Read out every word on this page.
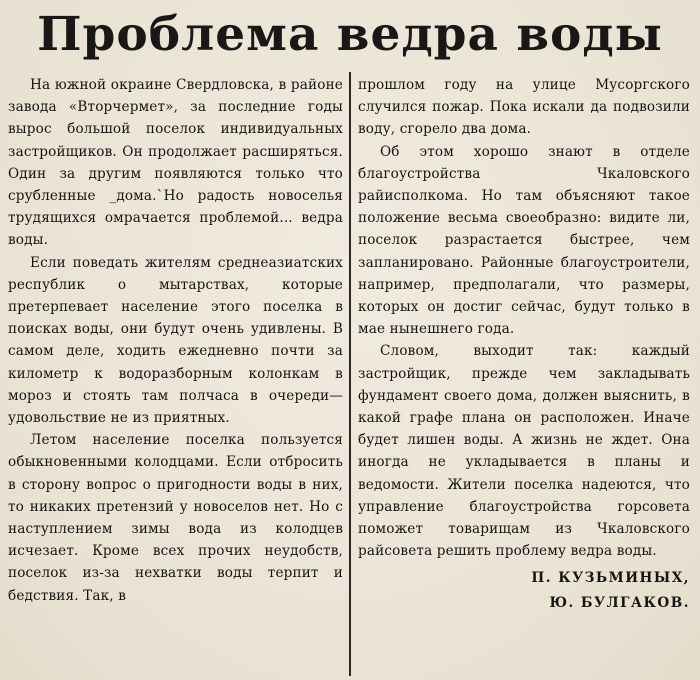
Проблема ведра воды

На южной окраине Свердловска, в районе завода «Вторчермет», за последние годы вырос большой поселок индивидуальных застройщиков. Он продолжает расширяться. Один за другим появляются только что срубленные _дома.`Но радость новоселья трудящихся омрачается проблемой... ведра воды.

Если поведать жителям среднеазиатских республик о мытарствах, которые претерпевает население этого поселка в поисках воды, они будут очень удивлены. В самом деле, ходить ежедневно почти за километр к водоразборным колонкам в мороз и стоять там полчаса в очереди—удовольствие не из приятных.

Летом население поселка пользуется обыкновенными колодцами. Если отбросить в сторону вопрос о пригодности воды в них, то никаких претензий у новоселов нет. Но с наступлением зимы вода из колодцев исчезает. Кроме всех прочих неудобств, поселок из-за нехватки воды терпит и бедствия. Так, в

прошлом году на улице Мусоргского случился пожар. Пока искали да подвозили воду, сгорело два дома.

Об этом хорошо знают в отделе благоустройства Чкаловского райисполкома. Но там объясняют такое положение весьма своеобразно: видите ли, поселок разрастается быстрее, чем запланировано. Районные благоустроители, например, предполагали, что размеры, которых он достиг сейчас, будут только в мае нынешнего года.

Словом, выходит так: каждый застройщик, прежде чем закладывать фундамент своего дома, должен выяснить, в какой графе плана он расположен. Иначе будет лишен воды. А жизнь не ждет. Она иногда не укладывается в планы и ведомости. Жители поселка надеются, что управление благоустройства горсовета поможет товарищам из Чкаловского райсовета решить проблему ведра воды.

П. КУЗЬМИНЫХ,
Ю. БУЛГАКОВ.
